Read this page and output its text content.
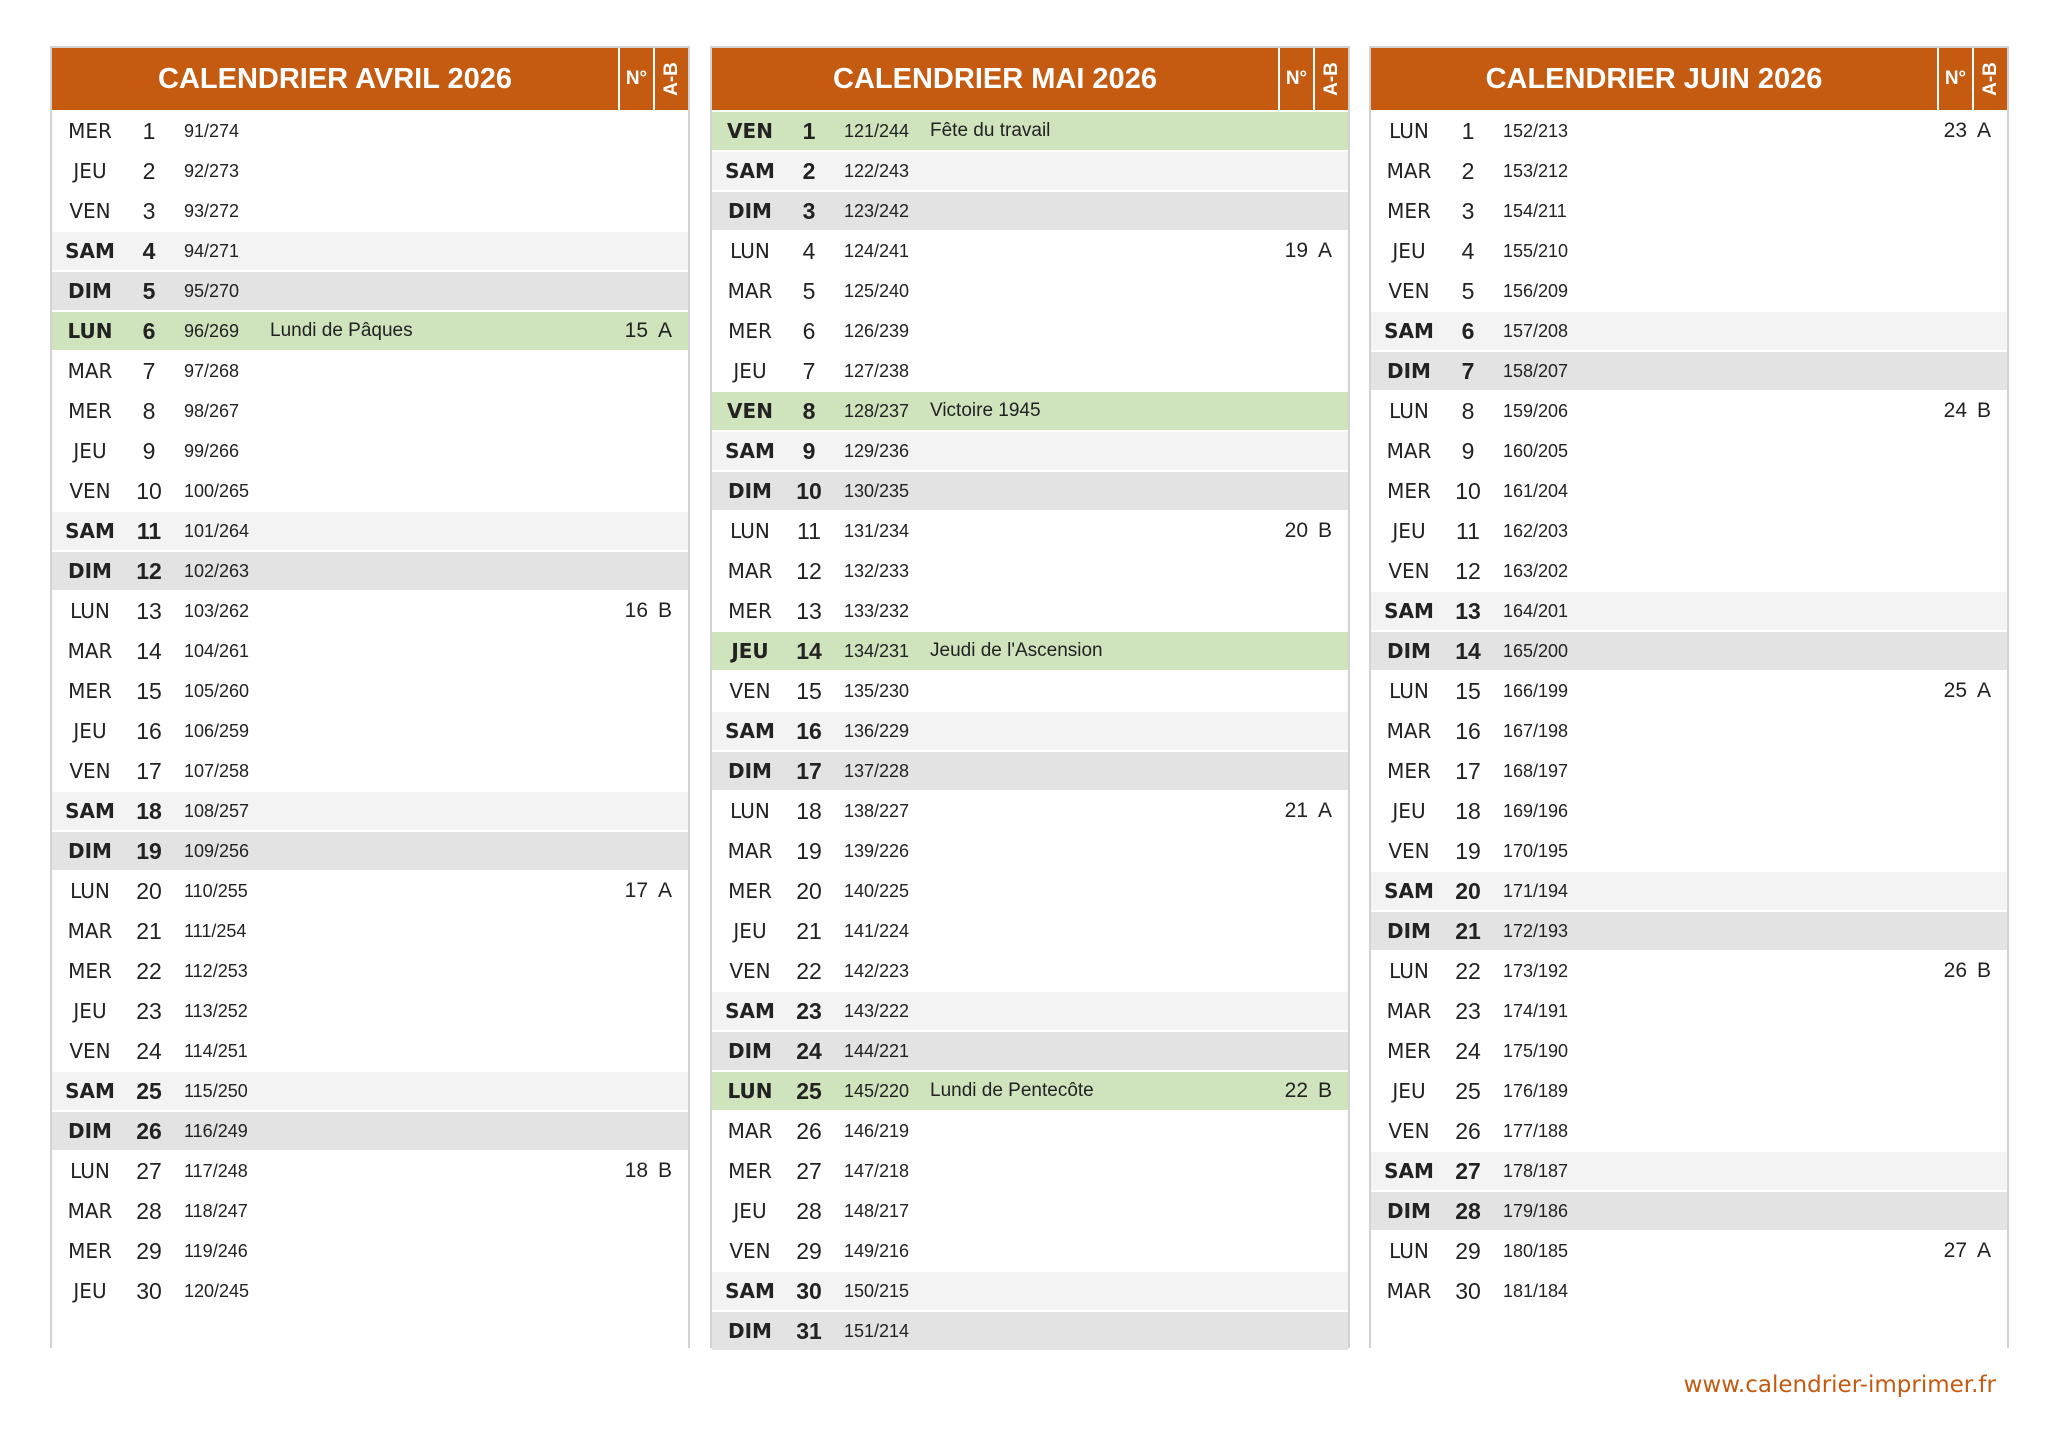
CALENDRIER AVRIL 2026	N° A-B
MER	1	91/274
JEU	2	92/273
VEN	3	93/272
SAM	4	94/271
DIM	5	95/270
LUN	6	96/269	Lundi de Pâques	15 A
MAR	7	97/268
MER	8	98/267
JEU	9	99/266
VEN	10	100/265
SAM 11	101/264
DIM	12	102/263
LUN	13	103/262	16 B
MAR	14	104/261
MER	15	105/260
JEU	16	106/259
VEN	17	107/258
SAM 18	108/257
DIM	19	109/256
LUN	20	110/255	17 A
MAR	21	111/254
MER	22	112/253
JEU	23	113/252
VEN	24	114/251
SAM 25	115/250
DIM	26	116/249
LUN	27	117/248	18 B
MAR	28	118/247
MER	29	119/246
JEU	30	120/245
CALENDRIER MAI 2026	N° A-B
VEN	1	121/244	Fête du travail
SAM	2	122/243
DIM	3	123/242
LUN	4	124/241	19 A
MAR	5	125/240
MER	6	126/239
JEU	7	127/238
VEN	8	128/237	Victoire 1945
SAM	9	129/236
DIM	10	130/235
LUN	11	131/234	20 B
MAR	12	132/233
MER	13	133/232
JEU	14	134/231	Jeudi de l'Ascension
VEN	15	135/230
SAM 16	136/229
DIM	17	137/228
LUN	18	138/227	21 A
MAR	19	139/226
MER	20	140/225
JEU	21	141/224
VEN	22	142/223
SAM 23	143/222
DIM	24	144/221
LUN	25	145/220	Lundi de Pentecôte	22 B
MAR	26	146/219
MER	27	147/218
JEU	28	148/217
VEN	29	149/216
SAM 30	150/215
DIM	31	151/214
CALENDRIER JUIN 2026	N° A-B
LUN	1	152/213	23 A
MAR	2	153/212
MER	3	154/211
JEU	4	155/210
VEN	5	156/209
SAM	6	157/208
DIM	7	158/207
LUN	8	159/206	24 B
MAR	9	160/205
MER	10	161/204
JEU	11	162/203
VEN	12	163/202
SAM 13	164/201
DIM	14	165/200
LUN	15	166/199	25 A
MAR	16	167/198
MER	17	168/197
JEU	18	169/196
VEN	19	170/195
SAM 20	171/194
DIM	21	172/193
LUN	22	173/192	26 B
MAR	23	174/191
MER	24	175/190
JEU	25	176/189
VEN	26	177/188
SAM 27	178/187
DIM	28	179/186
LUN	29	180/185	27 A
MAR	30	181/184
www.calendrier-imprimer.fr
